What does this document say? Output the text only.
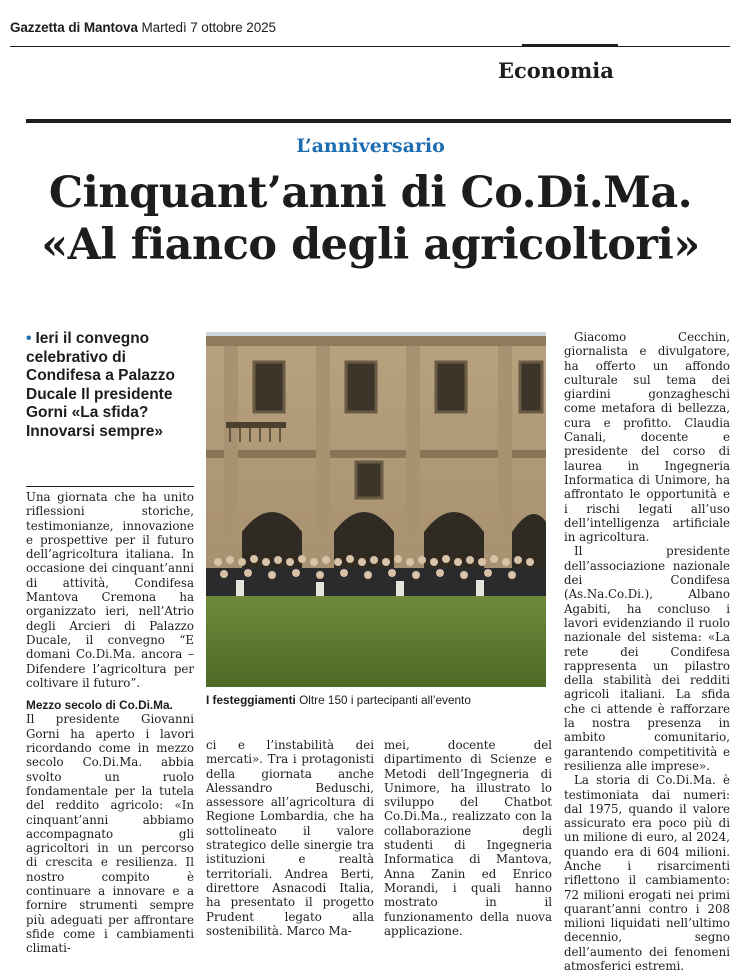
Gazzetta di Mantova Martedì 7 ottobre 2025
Economia
L’anniversario
Cinquant’anni di Co.Di.Ma.
«Al fianco degli agricoltori»
• Ieri il convegno celebrativo di Condifesa a Palazzo Ducale Il presidente Gorni «La sfida? Innovarsi sempre»

Una giornata che ha unito riflessioni storiche, testimonianze, innovazione e prospettive per il futuro dell’agricoltura italiana. In occasione dei cinquant’anni di attività, Condifesa Mantova Cremona ha organizzato ieri, nell’Atrio degli Arcieri di Palazzo Ducale, il convegno “E domani Co.Di.Ma. ancora – Difendere l’agricoltura per coltivare il futuro”.

Mezzo secolo di Co.Di.Ma.

Il presidente Giovanni Gorni ha aperto i lavori ricordando come in mezzo secolo Co.Di.Ma. abbia svolto un ruolo fondamentale per la tutela del reddito agricolo: «In cinquant’anni abbiamo accompagnato gli agricoltori in un percorso di crescita e resilienza. Il nostro compito è continuare a innovare e a fornire strumenti sempre più adeguati per affrontare sfide come i cambiamenti climati-

I festeggiamenti Oltre 150 i partecipanti all’evento

ci e l’instabilità dei mercati». Tra i protagonisti della giornata anche Alessandro Beduschi, assessore all’agricoltura di Regione Lombardia, che ha sottolineato il valore strategico delle sinergie tra istituzioni e realtà territoriali. Andrea Berti, direttore Asnacodi Italia, ha presentato il progetto Prudent legato alla sostenibilità. Marco Ma-

mei, docente del dipartimento di Scienze e Metodi dell’Ingegneria di Unimore, ha illustrato lo sviluppo del Chatbot Co.Di.Ma., realizzato con la collaborazione degli studenti di Ingegneria Informatica di Mantova, Anna Zanin ed Enrico Morandi, i quali hanno mostrato in il funzionamento della nuova applicazione.

Giacomo Cecchin, giornalista e divulgatore, ha offerto un affondo culturale sul tema dei giardini gonzagheschi come metafora di bellezza, cura e profitto. Claudia Canali, docente e presidente del corso di laurea in Ingegneria Informatica di Unimore, ha affrontato le opportunità e i rischi legati all’uso dell’intelligenza artificiale in agricoltura.

Il presidente dell’associazione nazionale dei Condifesa (As.Na.Co.Di.), Albano Agabiti, ha concluso i lavori evidenziando il ruolo nazionale del sistema: «La rete dei Condifesa rappresenta un pilastro della stabilità dei redditi agricoli italiani. La sfida che ci attende è rafforzare la nostra presenza in ambito comunitario, garantendo competitività e resilienza alle imprese».

La storia di Co.Di.Ma. è testimoniata dai numeri: dal 1975, quando il valore assicurato era poco più di un milione di euro, al 2024, quando era di 604 milioni. Anche i risarcimenti riflettono il cambiamento: 72 milioni erogati nei primi quarant’anni contro i 208 milioni liquidati nell’ultimo decennio, segno dell’aumento dei fenomeni atmosferici estremi.
